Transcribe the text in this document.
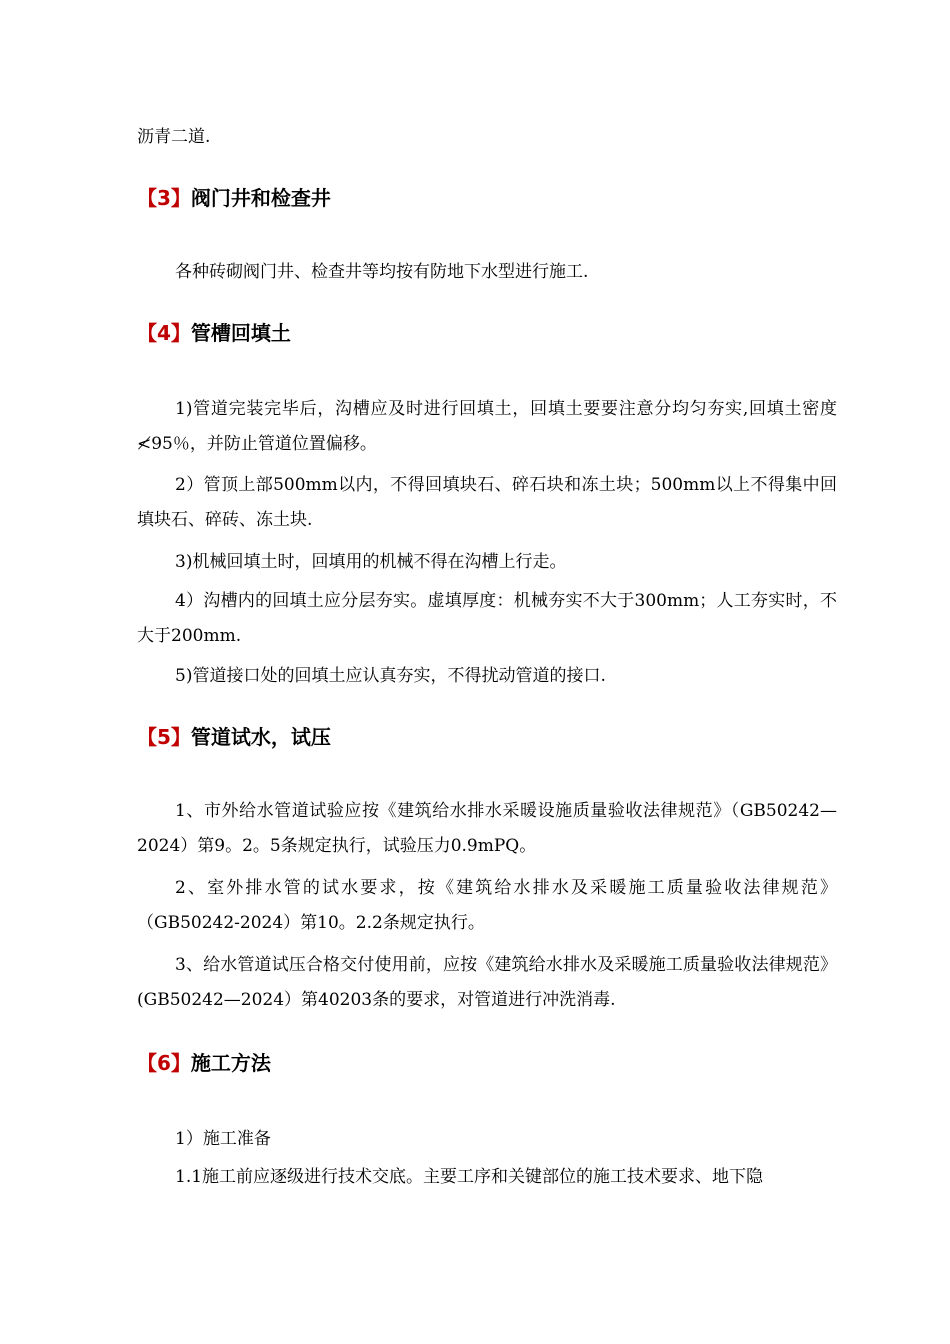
沥青二道.

【3】阀门井和检查井

各种砖砌阀门井、检查井等均按有防地下水型进行施工.

【4】管槽回填土

1)管道完装完毕后，沟槽应及时进行回填土，回填土要要注意分均匀夯实,回填土密度≮95％，并防止管道位置偏移。

2）管顶上部500mm以内，不得回填块石、碎石块和冻土块；500mm以上不得集中回填块石、碎砖、冻土块.

3)机械回填土时，回填用的机械不得在沟槽上行走。

4）沟槽内的回填土应分层夯实。虚填厚度：机械夯实不大于300mm；人工夯实时，不大于200mm.

5)管道接口处的回填土应认真夯实，不得扰动管道的接口.

【5】管道试水，试压

1、市外给水管道试验应按《建筑给水排水采暖设施质量验收法律规范》（GB50242—2024）第9。2。5条规定执行，试验压力0.9mPQ。

2、室外排水管的试水要求，按《建筑给水排水及采暖施工质量验收法律规范》（GB50242-2024）第10。2.2条规定执行。

3、给水管道试压合格交付使用前，应按《建筑给水排水及采暖施工质量验收法律规范》(GB50242—2024）第40203条的要求，对管道进行冲洗消毒.

【6】施工方法

1）施工准备

1.1施工前应逐级进行技术交底。主要工序和关键部位的施工技术要求、地下隐
